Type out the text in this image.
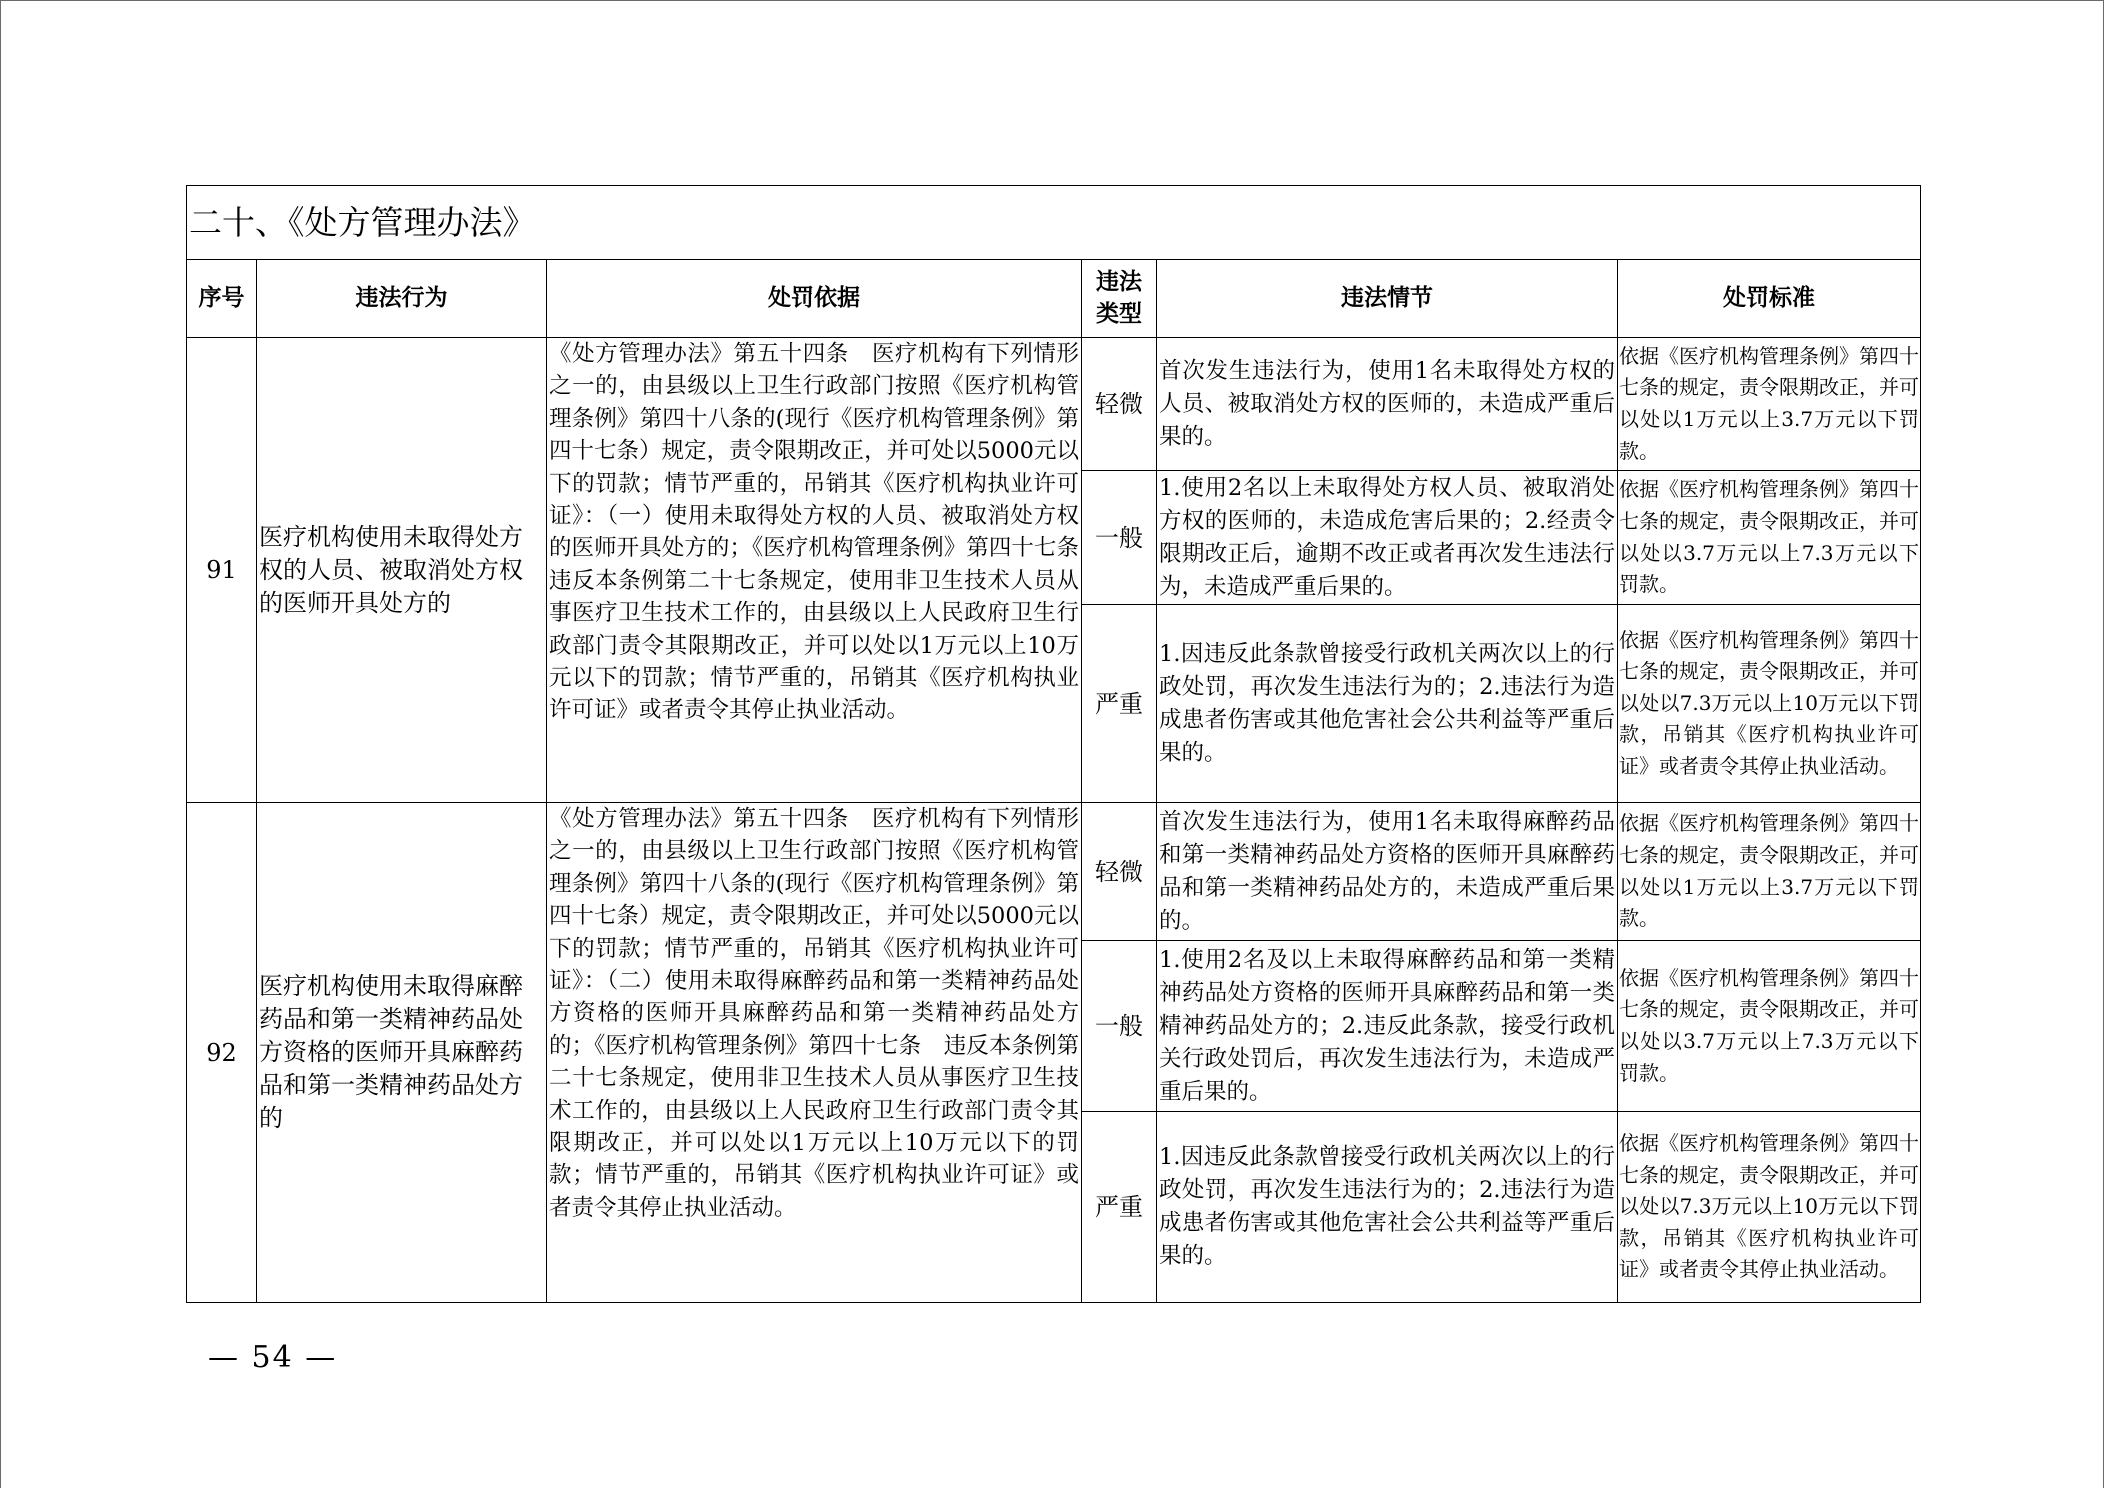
二十、《处方管理办法》					
序号	违法行为	处罚依据	违法类型	违法情节	处罚标准
91	医疗机构使用未取得处方权的人员、被取消处方权的医师开具处方的	《处方管理办法》第五十四条　医疗机构有下列情形之一的，由县级以上卫生行政部门按照《医疗机构管理条例》第四十八条的(现行《医疗机构管理条例》第四十七条）规定，责令限期改正，并可处以5000元以下的罚款；情节严重的，吊销其《医疗机构执业许可证》：（一）使用未取得处方权的人员、被取消处方权的医师开具处方的；《医疗机构管理条例》第四十七条　违反本条例第二十七条规定，使用非卫生技术人员从事医疗卫生技术工作的，由县级以上人民政府卫生行政部门责令其限期改正，并可以处以1万元以上10万元以下的罚款；情节严重的，吊销其《医疗机构执业许可证》或者责令其停止执业活动。	轻微	首次发生违法行为，使用1名未取得处方权的人员、被取消处方权的医师的，未造成严重后果的。	依据《医疗机构管理条例》第四十七条的规定，责令限期改正，并可以处以1万元以上3.7万元以下罚款。
			一般	1.使用2名以上未取得处方权人员、被取消处方权的医师的，未造成危害后果的；2.经责令限期改正后，逾期不改正或者再次发生违法行为，未造成严重后果的。	依据《医疗机构管理条例》第四十七条的规定，责令限期改正，并可以处以3.7万元以上7.3万元以下罚款。
			严重	1.因违反此条款曾接受行政机关两次以上的行政处罚，再次发生违法行为的；2.违法行为造成患者伤害或其他危害社会公共利益等严重后果的。	依据《医疗机构管理条例》第四十七条的规定，责令限期改正，并可以处以7.3万元以上10万元以下罚款，吊销其《医疗机构执业许可证》或者责令其停止执业活动。
92	医疗机构使用未取得麻醉药品和第一类精神药品处方资格的医师开具麻醉药品和第一类精神药品处方的	《处方管理办法》第五十四条　医疗机构有下列情形之一的，由县级以上卫生行政部门按照《医疗机构管理条例》第四十八条的(现行《医疗机构管理条例》第四十七条）规定，责令限期改正，并可处以5000元以下的罚款；情节严重的，吊销其《医疗机构执业许可证》：（二）使用未取得麻醉药品和第一类精神药品处方资格的医师开具麻醉药品和第一类精神药品处方的；《医疗机构管理条例》第四十七条　违反本条例第二十七条规定，使用非卫生技术人员从事医疗卫生技术工作的，由县级以上人民政府卫生行政部门责令其限期改正，并可以处以1万元以上10万元以下的罚款；情节严重的，吊销其《医疗机构执业许可证》或者责令其停止执业活动。	轻微	首次发生违法行为，使用1名未取得麻醉药品和第一类精神药品处方资格的医师开具麻醉药品和第一类精神药品处方的，未造成严重后果的。	依据《医疗机构管理条例》第四十七条的规定，责令限期改正，并可以处以1万元以上3.7万元以下罚款。
			一般	1.使用2名及以上未取得麻醉药品和第一类精神药品处方资格的医师开具麻醉药品和第一类精神药品处方的；2.违反此条款，接受行政机关行政处罚后，再次发生违法行为，未造成严重后果的。	依据《医疗机构管理条例》第四十七条的规定，责令限期改正，并可以处以3.7万元以上7.3万元以下罚款。
			严重	1.因违反此条款曾接受行政机关两次以上的行政处罚，再次发生违法行为的；2.违法行为造成患者伤害或其他危害社会公共利益等严重后果的。	依据《医疗机构管理条例》第四十七条的规定，责令限期改正，并可以处以7.3万元以上10万元以下罚款，吊销其《医疗机构执业许可证》或者责令其停止执业活动。
— 54 —
